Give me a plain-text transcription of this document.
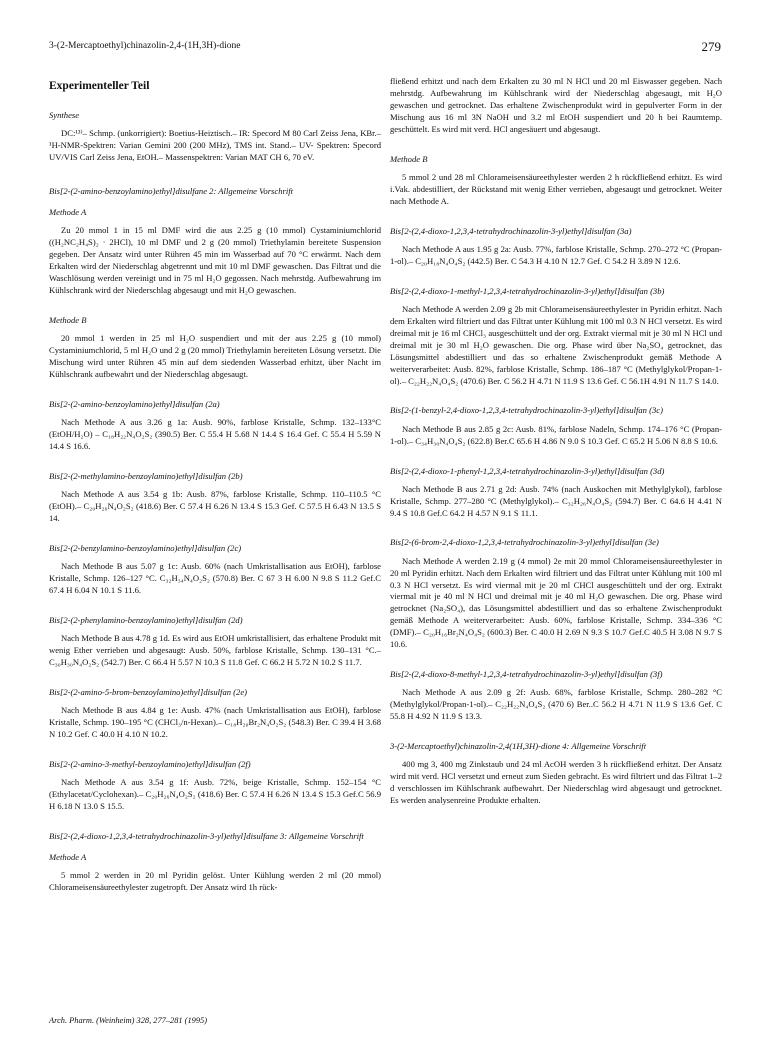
3-(2-Mercaptoethyl)chinazolin-2,4-(1H,3H)-dione	279
Experimenteller Teil
Synthese

DC:¹³⁾– Schmp. (unkorrigiert): Boetius-Heiztisch.– IR: Specord M 80 Carl Zeiss Jena, KBr.– ¹H-NMR-Spektren: Varian Gemini 200 (200 MHz), TMS int. Stand.– UV- Spektren: Specord UV/VIS Carl Zeiss Jena, EtOH.– Massenspektren: Varian MAT CH 6, 70 eV.

Bis[2-(2-amino-benzoylamino)ethyl]disulfane 2: Allgemeine Vorschrift
Methode A

Zu 20 mmol 1 in 15 ml DMF wird die aus 2.25 g (10 mmol) Cystaminiumchlorid ((H₂NC₂H₄S)₂ · 2HCl), 10 ml DMF und 2 g (20 mmol) Triethylamin bereitete Suspension gegeben. Der Ansatz wird unter Rühren 45 min im Wasserbad auf 70 °C erwärmt. Nach dem Erkalten wird der Niederschlag abgetrennt und mit 10 ml DMF gewaschen. Das Filtrat und die Waschlösung werden vereinigt und in 75 ml H₂O gegossen. Nach mehrstdg. Aufbewahrung im Kühlschrank wird der Niederschlag abgesaugt und mit H₂O gewaschen.

Methode B

20 mmol 1 werden in 25 ml H₂O suspendiert und mit der aus 2.25 g (10 mmol) Cystaminiumchlorid, 5 ml H₂O und 2 g (20 mmol) Triethylamin bereiteten Lösung versetzt. Die Mischung wird unter Rühren 45 min auf dem siedenden Wasserbad erhitzt, über Nacht im Kühlschrank aufbewahrt und der Niederschlag abgesaugt.

Bis[2-(2-amino-benzoylamino)ethyl]disulfan (2a)

Nach Methode A aus 3.26 g 1a: Ausb. 90%, farblose Kristalle, Schmp. 132–133°C (EtOH/H₂O) – C₁₈H₂₂N₄O₂S₂ (390.5) Ber. C 55.4 H 5.68 N 14.4 S 16.4 Gef. C 55.4 H 5.59 N 14.4 S 16.6.

Bis[2-(2-methylamino-benzoylamino)ethyl]disulfan (2b)

Nach Methode A aus 3.54 g 1b: Ausb. 87%, farblose Kristalle, Schmp. 110–110.5 °C (EtOH).– C₂₀H₂₆N₄O₂S₂ (418.6) Ber. C 57.4 H 6.26 N 13.4 S 15.3 Gef. C 57.5 H 6.43 N 13.5 S 14.

Bis[2-(2-benzylamino-benzoylamino)ethyl]disulfan (2c)

Nach Methode B aus 5.07 g 1c: Ausb. 60% (nach Umkristallisation aus EtOH), farblose Kristalle, Schmp. 126–127 °C. C₃₂H₃₄N₄O₂S₂ (570.8) Ber. C 67 3 H 6.00 N 9.8 S 11.2 Gef.C 67.4 H 6.04 N 10.1 S 11.6.

Bis[2-(2-phenylamino-benzoylamino)ethyl]disulfan (2d)

Nach Methode B aus 4.78 g 1d. Es wird aus EtOH umkristallisiert, das erhaltene Produkt mit wenig Ether verrieben und abgesaugt: Ausb. 50%, farblose Kristalle, Schmp. 130–131 °C.– C₃₀H₃₀N₄O₂S₂ (542.7) Ber. C 66.4 H 5.57 N 10.3 S 11.8 Gef. C 66.2 H 5.72 N 10.2 S 11.7.

Bis[2-(2-amino-5-brom-benzoylamino)ethyl]disulfan (2e)

Nach Methode B aus 4.84 g 1e: Ausb. 47% (nach Umkristallisation aus EtOH), farblose Kristalle, Schmp. 190–195 °C (CHCl₃/n-Hexan).– C₁₈H₂₀Br₂N₄O₂S₂ (548.3) Ber. C 39.4 H 3.68 N 10.2 Gef. C 40.0 H 4.10 N 10.2.

Bis[2-(2-amino-3-methyl-benzoylamino)ethyl]disulfan (2f)

Nach Methode A aus 3.54 g 1f: Ausb. 72%, beige Kristalle, Schmp. 152–154 °C (Ethylacetat/Cyclohexan).– C₂₀H₂₆N₄O₂S₂ (418.6) Ber. C 57.4 H 6.26 N 13.4 S 15.3 Gef.C 56.9 H 6.18 N 13.0 S 15.5.

Bis[2-(2,4-dioxo-1,2,3,4-tetrahydrochinazolin-3-yl)ethyl]disulfane 3: Allgemeine Vorschrift
Methode A

5 mmol 2 werden in 20 ml Pyridin gelöst. Unter Kühlung werden 2 ml (20 mmol) Chlorameisensäureethylester zugetropft. Der Ansatz wird 1h rück-

fließend erhitzt und nach dem Erkalten zu 30 ml N HCl und 20 ml Eiswasser gegeben. Nach mehrstdg. Aufbewahrung im Kühlschrank wird der Niederschlag abgesaugt, mit H₂O gewaschen und getrocknet. Das erhaltene Zwischenprodukt wird in gepulverter Form in der Mischung aus 16 ml 3N NaOH und 3.2 ml EtOH suspendiert und 20 h bei Raumtemp. geschüttelt. Es wird mit verd. HCl angesäuert und abgesaugt.

Methode B

5 mmol 2 und 28 ml Chlorameisensäureethylester werden 2 h rückfließend erhitzt. Es wird i.Vak. abdestilliert, der Rückstand mit wenig Ether verrieben, abgesaugt und getrocknet. Weiter nach Methode A.

Bis[2-(2,4-dioxo-1,2,3,4-tetrahydrochinazolin-3-yl)ethyl]disulfan (3a)

Nach Methode A aus 1.95 g 2a: Ausb. 77%, farblose Kristalle, Schmp. 270–272 °C (Propan-1-ol).– C₂₀H₁₈N₄O₄S₂ (442.5) Ber. C 54.3 H 4.10 N 12.7 Gef. C 54.2 H 3.89 N 12.6.

Bis[2-(2,4-dioxo-1-methyl-1,2,3,4-tetrahydrochinazolin-3-yl)ethyl]disulfan (3b)

Nach Methode A werden 2.09 g 2b mit Chlorameisensäureethylester in Pyridin erhitzt. Nach dem Erkalten wird filtriert und das Filtrat unter Kühlung mit 100 ml 0.3 N HCl versetzt. Es wird dreimal mit je 16 ml CHCl₃ ausgeschüttelt und der org. Extrakt viermal mit je 30 ml N HCl und dreimal mit je 30 ml H₂O gewaschen. Die org. Phase wird über Na₂SO₄ getrocknet, das Lösungsmittel abdestilliert und das so erhaltene Zwischenprodukt gemäß Methode A weiterverarbeitet: Ausb. 82%, farblose Kristalle, Schmp. 186–187 °C (Methylglykol/Propan-1-ol).– C₂₂H₂₂N₄O₄S₂ (470.6) Ber. C 56.2 H 4.71 N 11.9 S 13.6 Gef. C 56.1H 4.91 N 11.7 S 14.0.

Bis[2-(1-benzyl-2,4-dioxo-1,2,3,4-tetrahydrochinazolin-3-yl)ethyl]disulfan (3c)

Nach Methode B aus 2.85 g 2c: Ausb. 81%, farblose Nadeln, Schmp. 174–176 °C (Propan-1-ol).– C₃₄H₃₀N₄O₄S₂ (622.8) Ber.C 65.6 H 4.86 N 9.0 S 10.3 Gef. C 65.2 H 5.06 N 8.8 S 10.6.

Bis[2-(2,4-dioxo-1-phenyl-1,2,3,4-tetrahydrochinazolin-3-yl)ethyl]disulfan (3d)

Nach Methode B aus 2.71 g 2d: Ausb. 74% (nach Auskochen mit Methylglykol), farblose Kristalle, Schmp. 277–280 °C (Methylglykol).– C₃₂H₂₆N₄O₄S₂ (594.7) Ber. C 64.6 H 4.41 N 9.4 S 10.8 Gef.C 64.2 H 4.57 N 9.1 S 11.1.

Bis[2-(6-brom-2,4-dioxo-1,2,3,4-tetrahydrochinazolin-3-yl)ethyl]disulfan (3e)

Nach Methode A werden 2.19 g (4 mmol) 2e mit 20 mmol Chlorameisensäureethylester in 20 ml Pyridin erhitzt. Nach dem Erkalten wird filtriert und das Filtrat unter Kühlung mit 100 ml 0.3 N HCl versetzt. Es wird viermal mit je 20 ml CHCl ausgeschüttelt und der org. Extrakt viermal mit je 40 ml N HCl und dreimal mit je 40 ml H₂O gewaschen. Die org. Phase wird getrocknet (Na₂SO₄), das Lösungsmittel abdestilliert und das so erhaltene Zwischenprodukt gemäß Methode A weiterverarbeitet: Ausb. 60%, farblose Kristalle, Schmp. 334–336 °C (DMF).– C₂₀H₁₆Br₂N₄O₄S₂ (600.3) Ber. C 40.0 H 2.69 N 9.3 S 10.7 Gef.C 40.5 H 3.08 N 9.7 S 10.6.

Bis[2-(2,4-dioxo-8-methyl-1,2,3,4-tetrahydrochinazolin-3-yl)ethyl]disulfan (3f)

Nach Methode A aus 2.09 g 2f: Ausb. 68%, farblose Kristalle, Schmp. 280–282 °C (Methylglykol/Propan-1-ol).– C₂₂H₂₂N₄O₄S₂ (470 6) Ber..C 56.2 H 4.71 N 11.9 S 13.6 Gef. C 55.8 H 4.92 N 11.9 S 13.3.

3-(2-Mercaptoethyl)chinazolin-2,4(1H,3H)-dione 4: Allgemeine Vorschrift

400 mg 3, 400 mg Zinkstaub und 24 ml AcOH werden 3 h rückfließend erhitzt. Der Ansatz wird mit verd. HCl versetzt und erneut zum Sieden gebracht. Es wird filtriert und das Filtrat 1–2 d verschlossen im Kühlschrank aufbewahrt. Der Niederschlag wird abgesaugt und getrocknet. Es werden analysenreine Produkte erhalten.

Arch. Pharm. (Weinheim) 328, 277–281 (1995)
